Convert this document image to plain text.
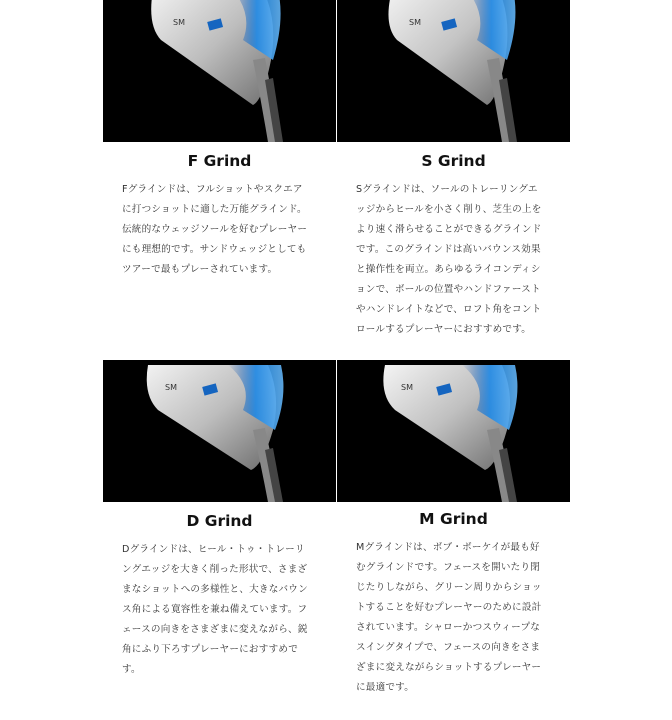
SM
F Grind

Fグラインドは、フルショットやスクエアに打つショットに適した万能グラインド。伝統的なウェッジソールを好むプレーヤーにも理想的です。サンドウェッジとしてもツアーで最もプレーされています。

SM
S Grind

Sグラインドは、ソールのトレーリングエッジからヒールを小さく削り、芝生の上をより速く滑らせることができるグラインドです。このグラインドは高いバウンス効果と操作性を両立。あらゆるライコンディションで、ボールの位置やハンドファーストやハンドレイトなどで、ロフト角をコントロールするプレーヤーにおすすめです。

SM
D Grind

Dグラインドは、ヒール・トゥ・トレーリングエッジを大きく削った形状で、さまざまなショットへの多様性と、大きなバウンス角による寛容性を兼ね備えています。フェースの向きをさまざまに変えながら、鋭角にふり下ろすプレーヤーにおすすめです。

SM
M Grind

Mグラインドは、ボブ・ボーケイが最も好むグラインドです。フェースを開いたり閉じたりしながら、グリーン周りからショットすることを好むプレーヤーのために設計されています。シャローかつスウィープなスイングタイプで、フェースの向きをさまざまに変えながらショットするプレーヤーに最適です。
